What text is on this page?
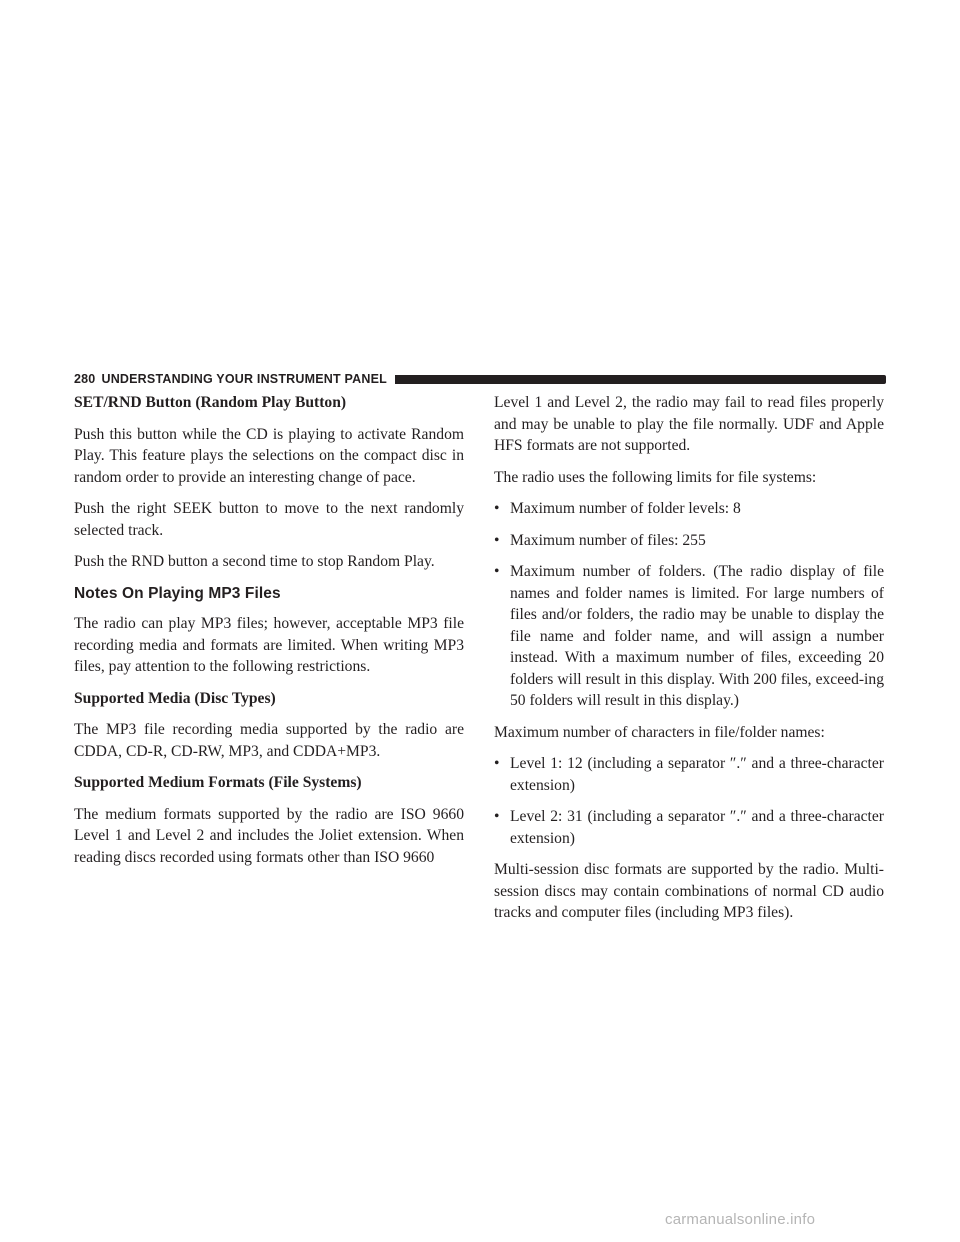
280 UNDERSTANDING YOUR INSTRUMENT PANEL
SET/RND Button (Random Play Button)

Push this button while the CD is playing to activate Random Play. This feature plays the selections on the compact disc in random order to provide an interesting change of pace.

Push the right SEEK button to move to the next randomly selected track.

Push the RND button a second time to stop Random Play.

Notes On Playing MP3 Files

The radio can play MP3 files; however, acceptable MP3 file recording media and formats are limited. When writing MP3 files, pay attention to the following restrictions.

Supported Media (Disc Types)

The MP3 file recording media supported by the radio are CDDA, CD-R, CD-RW, MP3, and CDDA+MP3.

Supported Medium Formats (File Systems)

The medium formats supported by the radio are ISO 9660 Level 1 and Level 2 and includes the Joliet extension. When reading discs recorded using formats other than ISO 9660

Level 1 and Level 2, the radio may fail to read files properly and may be unable to play the file normally. UDF and Apple HFS formats are not supported.

The radio uses the following limits for file systems:

• Maximum number of folder levels: 8
• Maximum number of files: 255
• Maximum number of folders. (The radio display of file names and folder names is limited. For large numbers of files and/or folders, the radio may be unable to display the file name and folder name, and will assign a number instead. With a maximum number of files, exceeding 20 folders will result in this display. With 200 files, exceed-ing 50 folders will result in this display.)

Maximum number of characters in file/folder names:

• Level 1: 12 (including a separator ″.″ and a three-character extension)
• Level 2: 31 (including a separator ″.″ and a three-character extension)

Multi-session disc formats are supported by the radio. Multi-session discs may contain combinations of normal CD audio tracks and computer files (including MP3 files).

carmanualsonline.info
